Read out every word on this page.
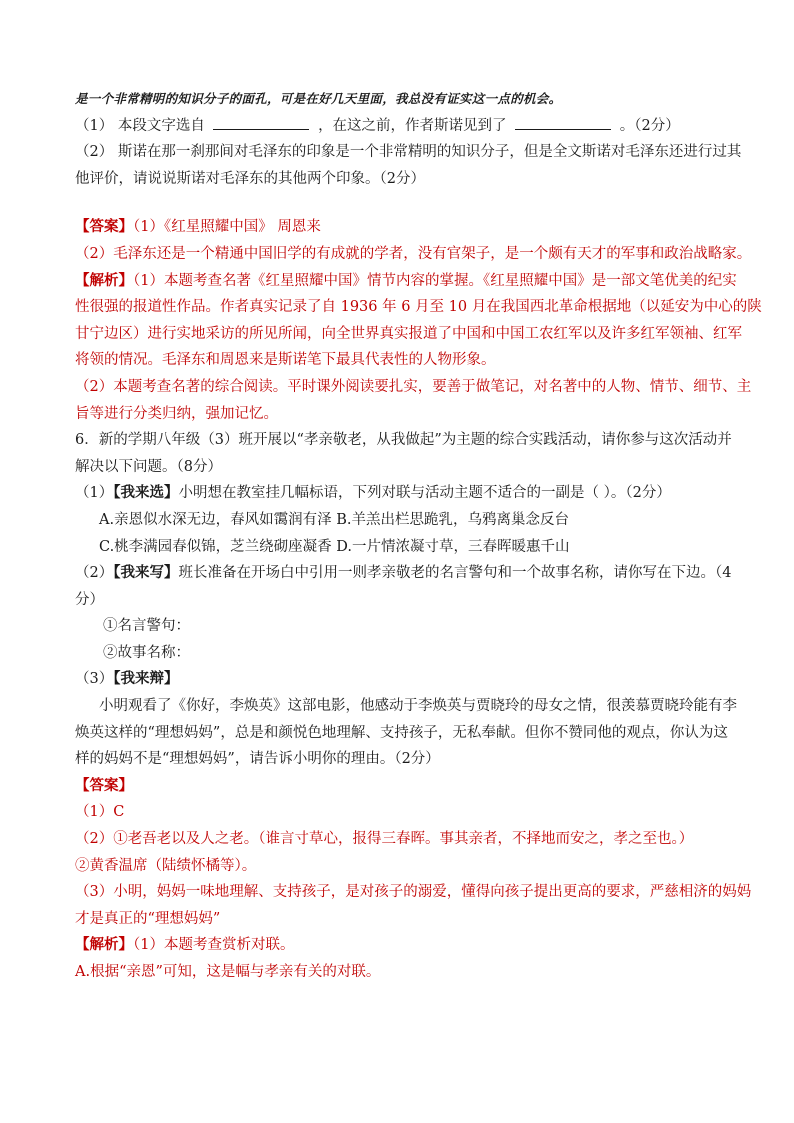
是一个非常精明的知识分子的面孔，可是在好几天里面，我总没有证实这一点的机会。
（1） 本段文字选自	，在这之前，作者斯诺见到了	。（2分）
（2） 斯诺在那一刹那间对毛泽东的印象是一个非常精明的知识分子，但是全文斯诺对毛泽东还进行过其
他评价，请说说斯诺对毛泽东的其他两个印象。（2分）
【答案】（1）《红星照耀中国》 周恩来
（2）毛泽东还是一个精通中国旧学的有成就的学者，没有官架子，是一个颇有天才的军事和政治战略家。
【解析】（1）本题考查名著《红星照耀中国》情节内容的掌握。《红星照耀中国》是一部文笔优美的纪实
性很强的报道性作品。作者真实记录了自 1936 年 6 月至 10 月在我国西北革命根据地（以延安为中心的陕
甘宁边区）进行实地采访的所见所闻，向全世界真实报道了中国和中国工农红军以及许多红军领袖、红军
将领的情况。毛泽东和周恩来是斯诺笔下最具代表性的人物形象。
（2）本题考查名著的综合阅读。平时课外阅读要扎实，要善于做笔记，对名著中的人物、情节、细节、主
旨等进行分类归纳，强加记忆。
6．新的学期八年级（3）班开展以“孝亲敬老，从我做起”为主题的综合实践活动，请你参与这次活动并
解决以下问题。（8分）
（1）【我来选】小明想在教室挂几幅标语，下列对联与活动主题不适合的一副是（ ）。（2分）
A.亲恩似水深无边，春风如霭润有泽 B.羊羔出栏思跪乳，乌鸦离巢念反台
C.桃李满园春似锦，芝兰绕砌座凝香 D.一片情浓凝寸草，三春晖暖惠千山
（2）【我来写】班长准备在开场白中引用一则孝亲敬老的名言警句和一个故事名称，请你写在下边。（4
分）
①名言警句：
②故事名称：
（3）【我来辩】
小明观看了《你好，李焕英》这部电影，他感动于李焕英与贾晓玲的母女之情，很羡慕贾晓玲能有李
焕英这样的“理想妈妈”，总是和颜悦色地理解、支持孩子，无私奉献。但你不赞同他的观点，你认为这
样的妈妈不是“理想妈妈”，请告诉小明你的理由。（2分）
【答案】
（1）C
（2）①老吾老以及人之老。（谁言寸草心，报得三春晖。事其亲者，不择地而安之，孝之至也。）
②黄香温席（陆绩怀橘等）。
（3）小明，妈妈一味地理解、支持孩子，是对孩子的溺爱，懂得向孩子提出更高的要求，严慈相济的妈妈
才是真正的“理想妈妈”
【解析】（1）本题考查赏析对联。
A.根据“亲恩”可知，这是幅与孝亲有关的对联。
